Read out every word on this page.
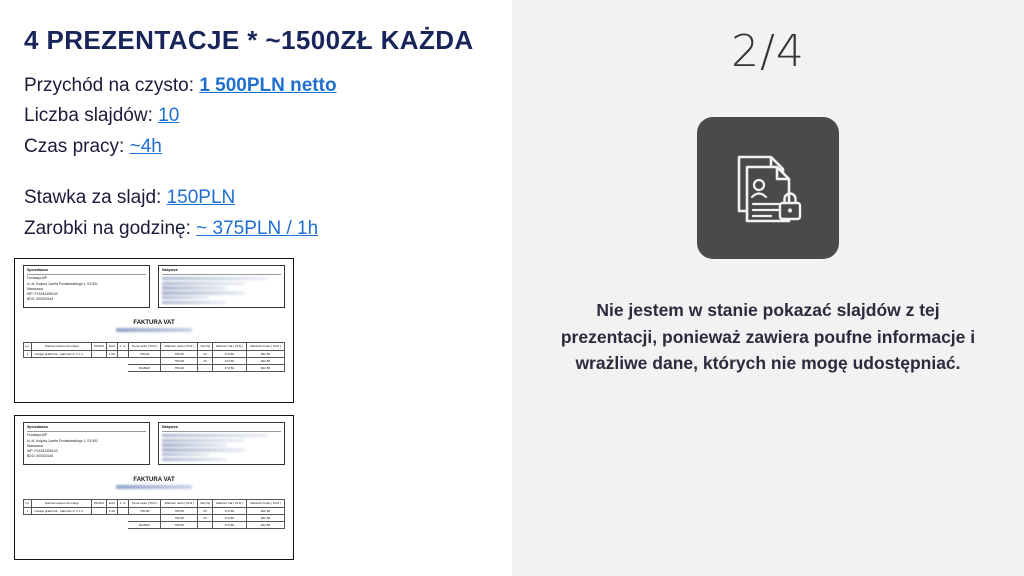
4 PREZENTACJE * ~1500ZŁ KAŻDA
Przychód na czysto: 1 500PLN netto
Liczba slajdów: 10
Czas pracy: ~4h
Stawka za slajd: 150PLN
Zarobki na godzinę: ~ 375PLN / 1h
Sprzedawca
Fundacja AIP
ul. dl. Księcia Józefa Poniatowskiego 1, 03-901
Warszawa
NIP: PL5242495143
BDO: 000020146
Nabywca
FAKTURA VAT
Lp.	Nazwa towaru lub usługi	PKWiU	Ilość	J. m.	Cena netto [ PLN ]	Wartość netto [ PLN ]	Vat [%]	Wartość Vat [ PLN ]	Wartość brutto [ PLN ]
1	Usługa graficzna - płatność nr 1 z 2		1,00		750,00	750,00	23	172,50	922,50
						750,00	23	172,50	922,50
					RAZEM	750,00	-	172,50	922,50
Sprzedawca
Fundacja AIP
ul. dl. Księcia Józefa Poniatowskiego 1, 03-901
Warszawa
NIP: PL5242495143
BDO: 000020146
Nabywca
FAKTURA VAT
Lp.	Nazwa towaru lub usługi	PKWiU	Ilość	J. m.	Cena netto [ PLN ]	Wartość netto [ PLN ]	Vat [%]	Wartość Vat [ PLN ]	Wartość brutto [ PLN ]
1	Usługa graficzna - płatność nr 2 z 2		1,00		750,00	750,00	23	172,50	922,50
						750,00	23	172,50	922,50
					RAZEM	750,00	-	172,50	922,50
2/4
Nie jestem w stanie pokazać slajdów z tej prezentacji, ponieważ zawiera poufne informacje i wrażliwe dane, których nie mogę udostępniać.
